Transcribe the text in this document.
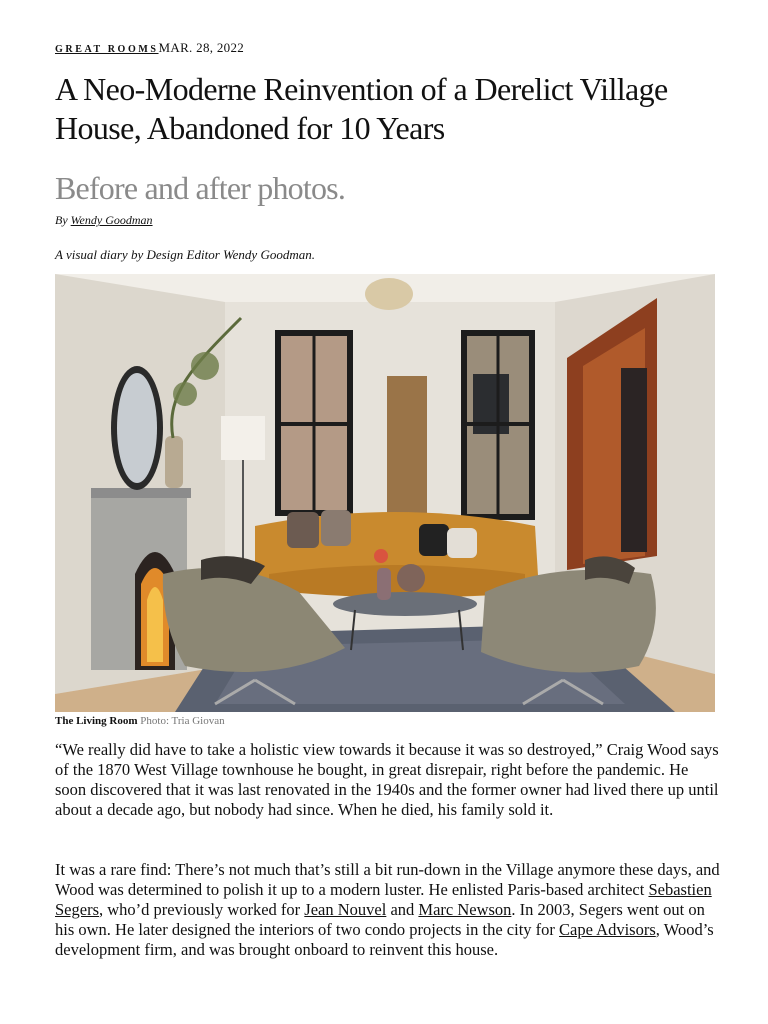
GREAT ROOMSMAR. 28, 2022
A Neo-Moderne Reinvention of a Derelict Village House, Abandoned for 10 Years
Before and after photos.
By Wendy Goodman
A visual diary by Design Editor Wendy Goodman.
The Living Room Photo: Tria Giovan

“We really did have to take a holistic view towards it because it was so destroyed,” Craig Wood says of the 1870 West Village townhouse he bought, in great disrepair, right before the pandemic. He soon discovered that it was last renovated in the 1940s and the former owner had lived there up until about a decade ago, but nobody had since. When he died, his family sold it.

It was a rare find: There’s not much that’s still a bit run-down in the Village anymore these days, and Wood was determined to polish it up to a modern luster. He enlisted Paris-based architect Sebastien Segers, who’d previously worked for Jean Nouvel and Marc Newson. In 2003, Segers went out on his own. He later designed the interiors of two condo projects in the city for Cape Advisors, Wood’s development firm, and was brought onboard to reinvent this house.
